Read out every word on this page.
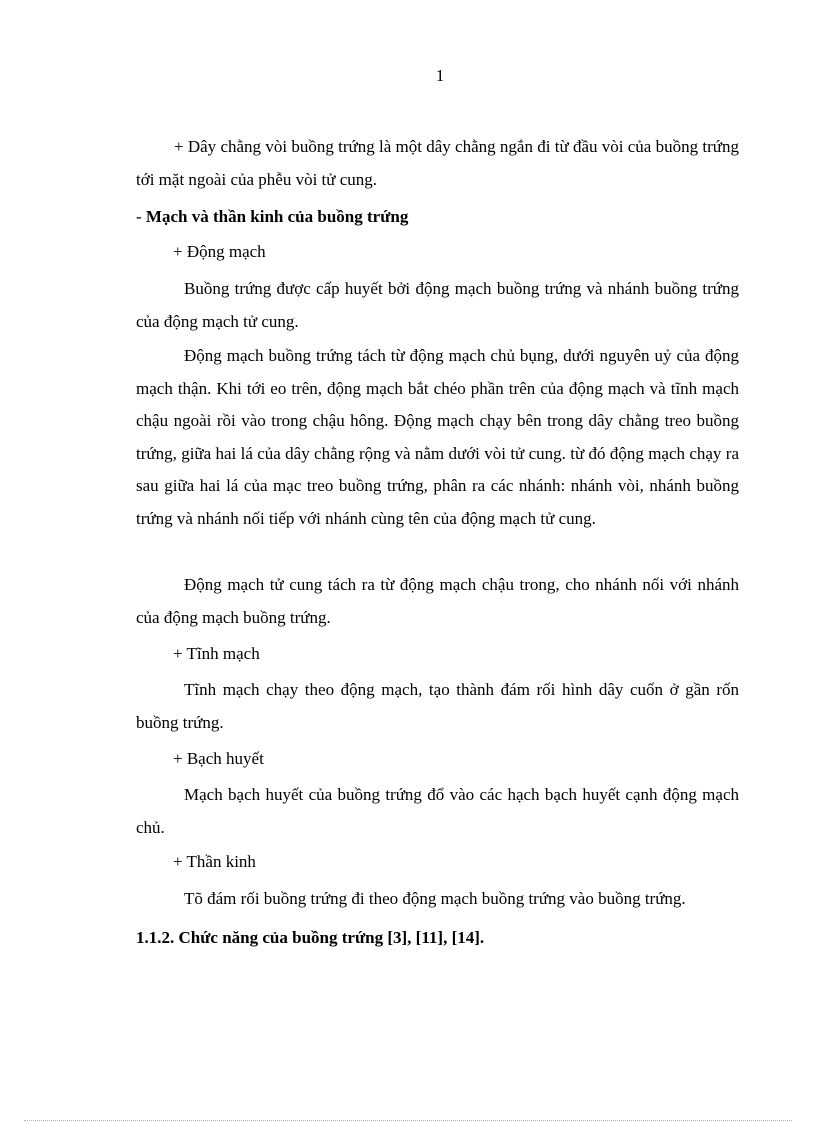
1

+ Dây chằng vòi buồng trứng là một dây chằng ngắn đi từ đầu vòi của buồng trứng tới mặt ngoài của phễu vòi tử cung.

- Mạch và thần kinh của buồng trứng
+ Động mạch

Buồng trứng được cấp huyết bởi động mạch buồng trứng và nhánh buồng trứng của động mạch tử cung.

Động mạch buồng trứng tách từ động mạch chủ bụng, dưới nguyên uỷ của động mạch thận. Khi tới eo trên, động mạch bắt chéo phần trên của động mạch và tĩnh mạch chậu ngoài rồi vào trong chậu hông. Động mạch chạy bên trong dây chằng treo buồng trứng, giữa hai lá của dây chằng rộng và nằm dưới vòi tử cung. từ đó động mạch chạy ra sau giữa hai lá của mạc treo buồng trứng, phân ra các nhánh: nhánh vòi, nhánh buồng trứng và nhánh nối tiếp với nhánh cùng tên của động mạch tử cung.

Động mạch tử cung tách ra từ động mạch chậu trong, cho nhánh nối với nhánh của động mạch buồng trứng.

+ Tĩnh mạch

Tĩnh mạch chạy theo động mạch, tạo thành đám rối hình dây cuốn ở gần rốn buồng trứng.

+ Bạch huyết

Mạch bạch huyết của buồng trứng đổ vào các hạch bạch huyết cạnh động mạch chủ.

+ Thần kinh

Tõ đám rối buồng trứng đi theo động mạch buồng trứng vào buồng trứng.

1.1.2. Chức năng của buồng trứng [3], [11], [14].
